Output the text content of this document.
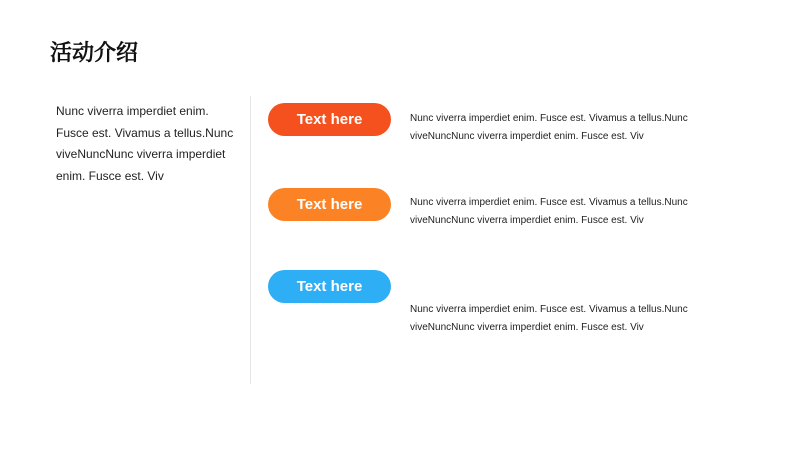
活动介绍

Nunc viverra imperdiet enim. Fusce est. Vivamus a tellus.Nunc viveNuncNunc viverra imperdiet enim. Fusce est. Viv

Text here	Nunc viverra imperdiet enim. Fusce est. Vivamus a tellus.Nunc
viveNuncNunc viverra imperdiet enim. Fusce est. Viv

Text here	Nunc viverra imperdiet enim. Fusce est. Vivamus a tellus.Nunc
viveNuncNunc viverra imperdiet enim. Fusce est. Viv

Text here

Nunc viverra imperdiet enim. Fusce est. Vivamus a tellus.Nunc
viveNuncNunc viverra imperdiet enim. Fusce est. Viv
